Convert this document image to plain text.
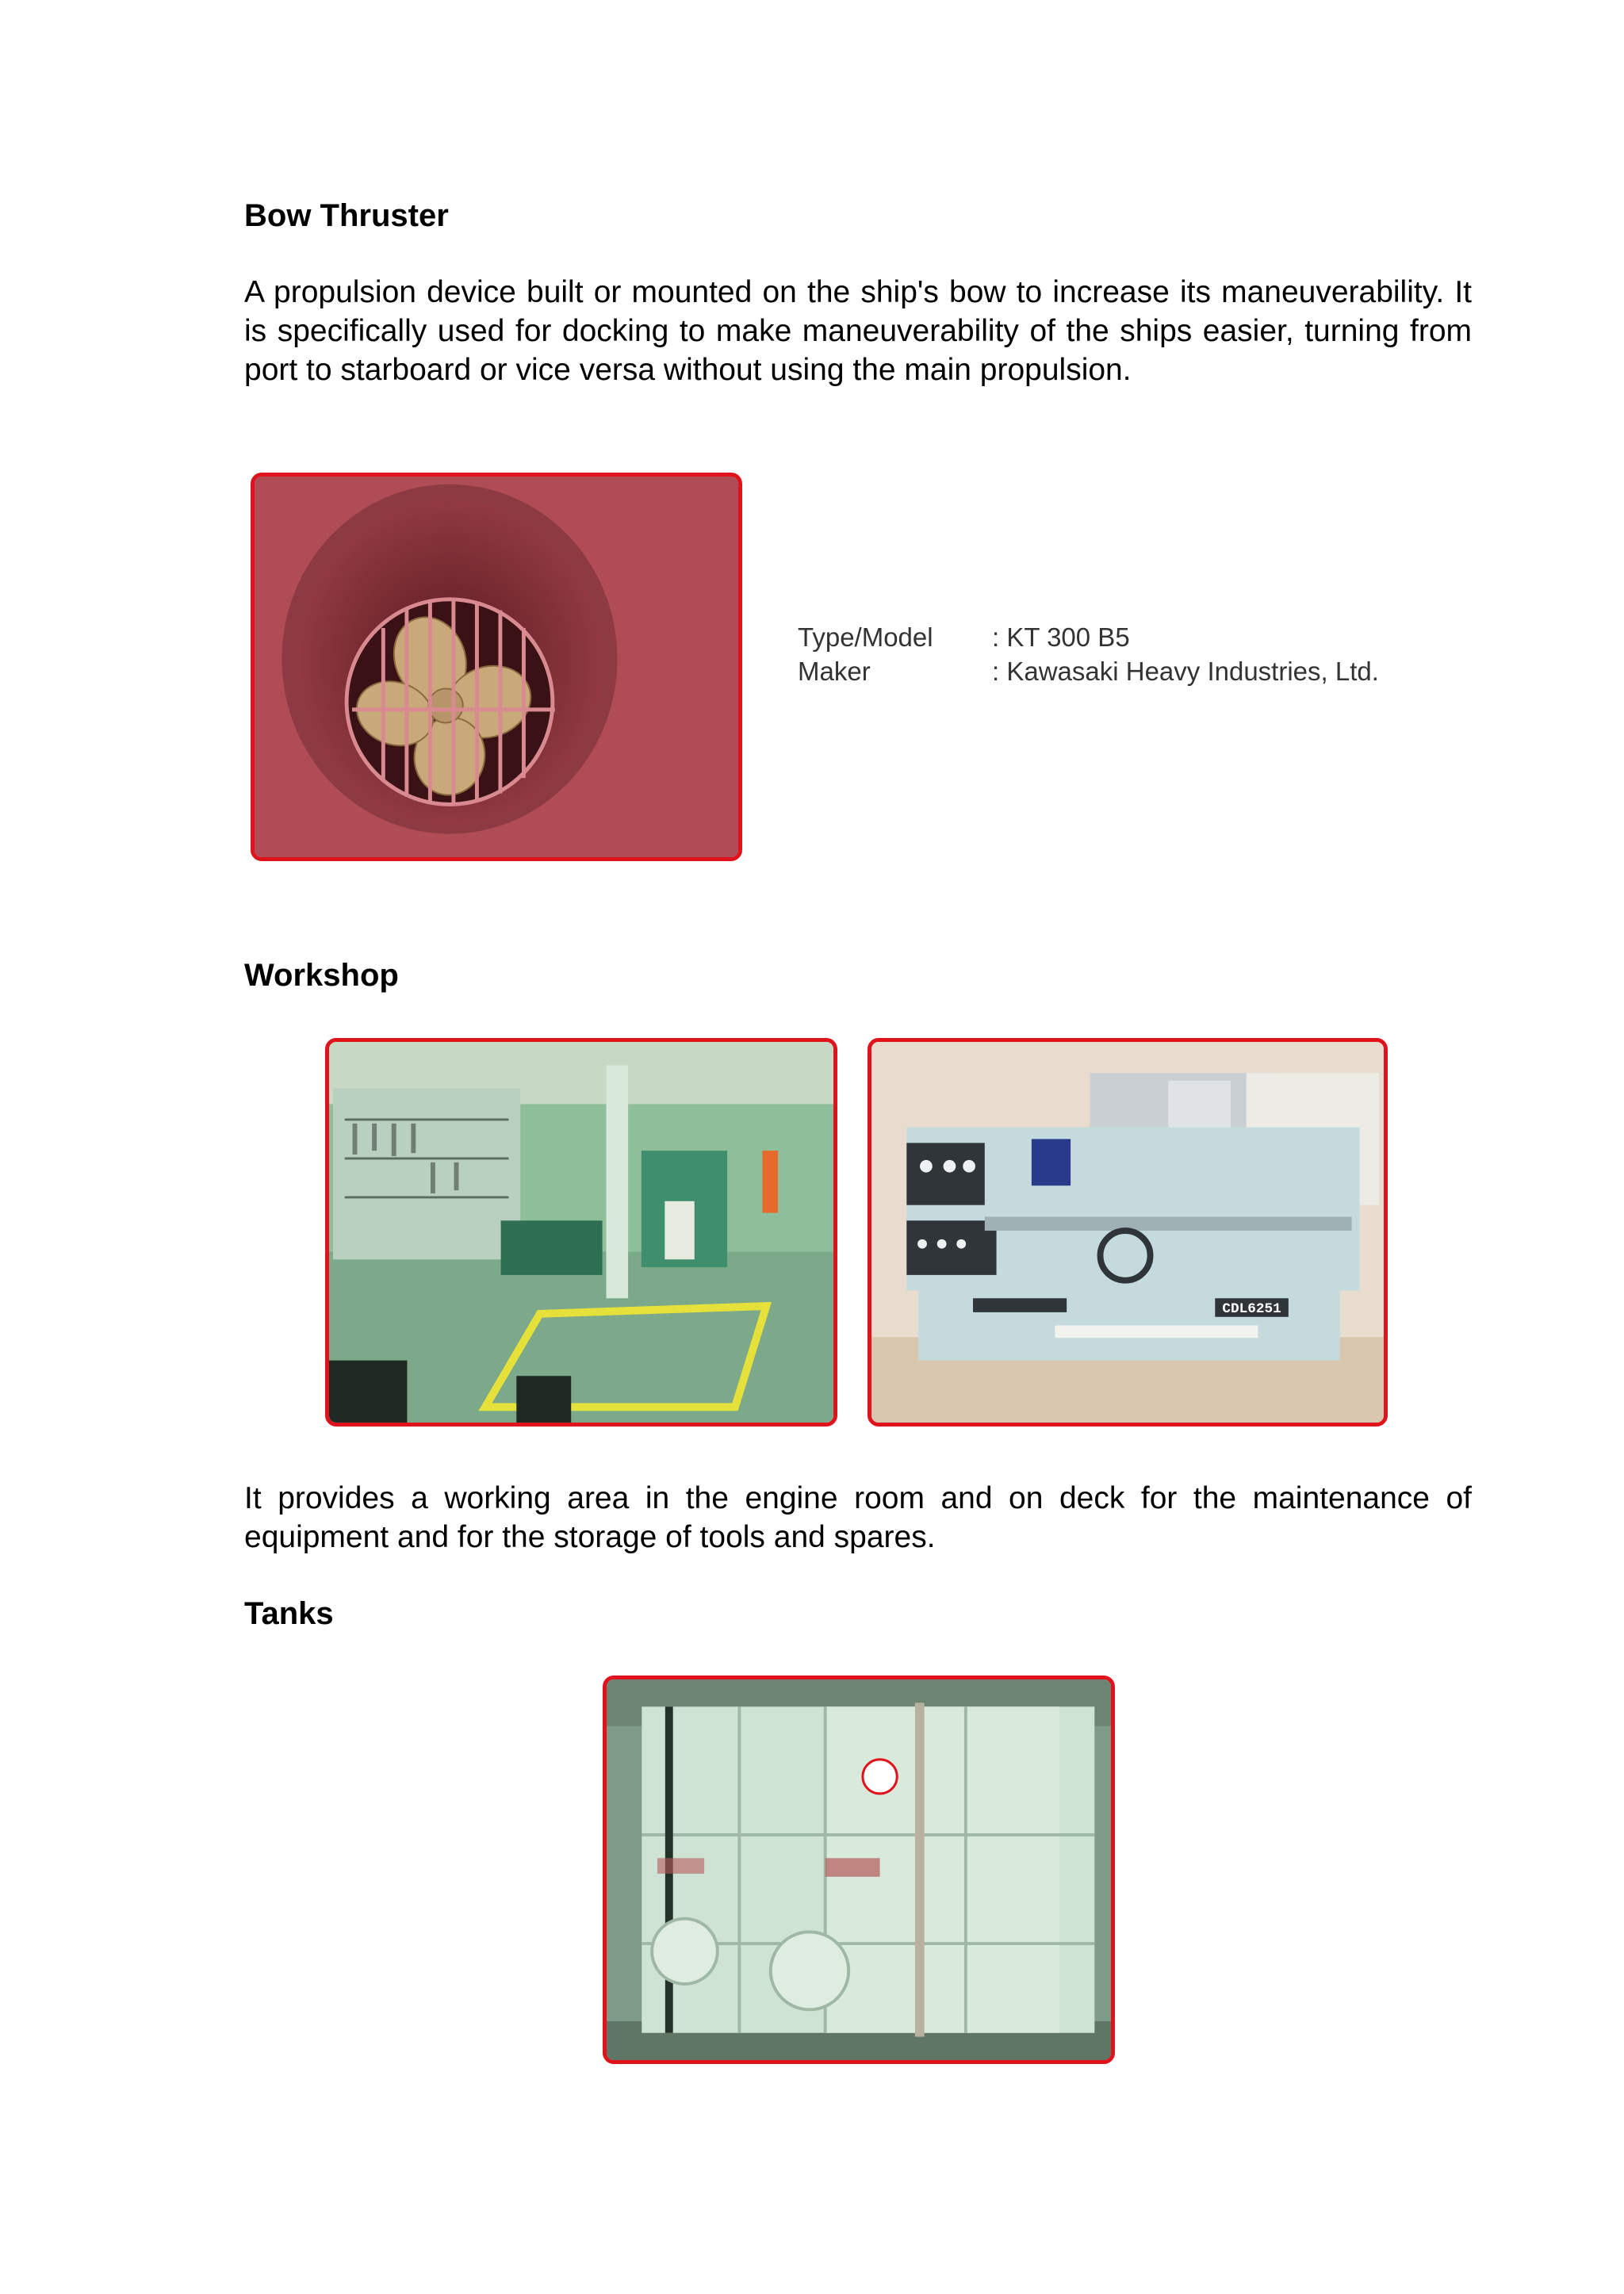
Bow Thruster

A propulsion device built or mounted on the ship's bow to increase its maneuverability. It is specifically used for docking to make maneuverability of the ships easier, turning from port to starboard or vice versa without using the main propulsion.

Type/Model	: KT 300 B5
Maker	: Kawasaki Heavy Industries, Ltd.
Workshop
CDL6251

It provides a working area in the engine room and on deck for the maintenance of equipment and for the storage of tools and spares.

Tanks
